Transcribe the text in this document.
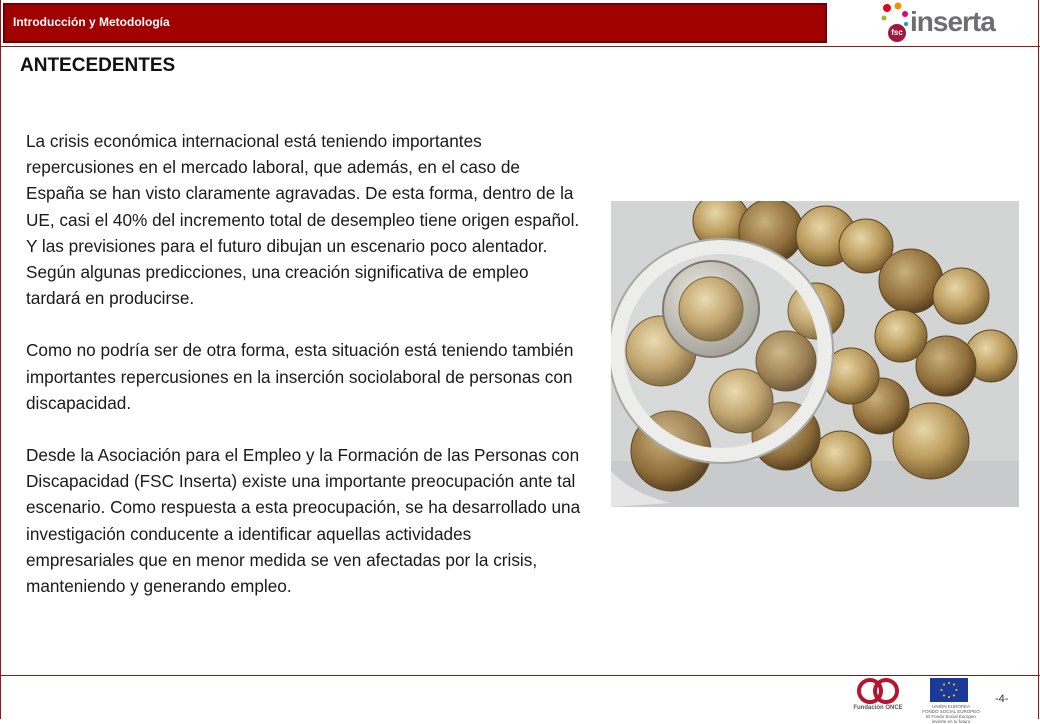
Introducción y Metodología
fsc inserta
ANTECEDENTES

La crisis económica internacional está teniendo importantes repercusiones en el mercado laboral, que además, en el caso de España se han visto claramente agravadas. De esta forma, dentro de la UE, casi el 40% del incremento total de desempleo tiene origen español. Y las previsiones para el futuro dibujan un escenario poco alentador. Según algunas predicciones, una creación significativa de empleo tardará en producirse.

Como no podría ser de otra forma, esta situación está teniendo también importantes repercusiones en la inserción sociolaboral de personas con discapacidad.

Desde la Asociación para el Empleo y la Formación de las Personas con Discapacidad (FSC Inserta) existe una importante preocupación ante tal escenario. Como respuesta a esta preocupación, se ha desarrollado una investigación conducente a identificar aquellas actividades empresariales que en menor medida se ven afectadas por la crisis, manteniendo y generando empleo.

Fundación ONCE	UNIÓN EUROPEA
FONDO SOCIAL EUROPEO
El Fondo Social Europeo invierte en tu futuro
-4-
